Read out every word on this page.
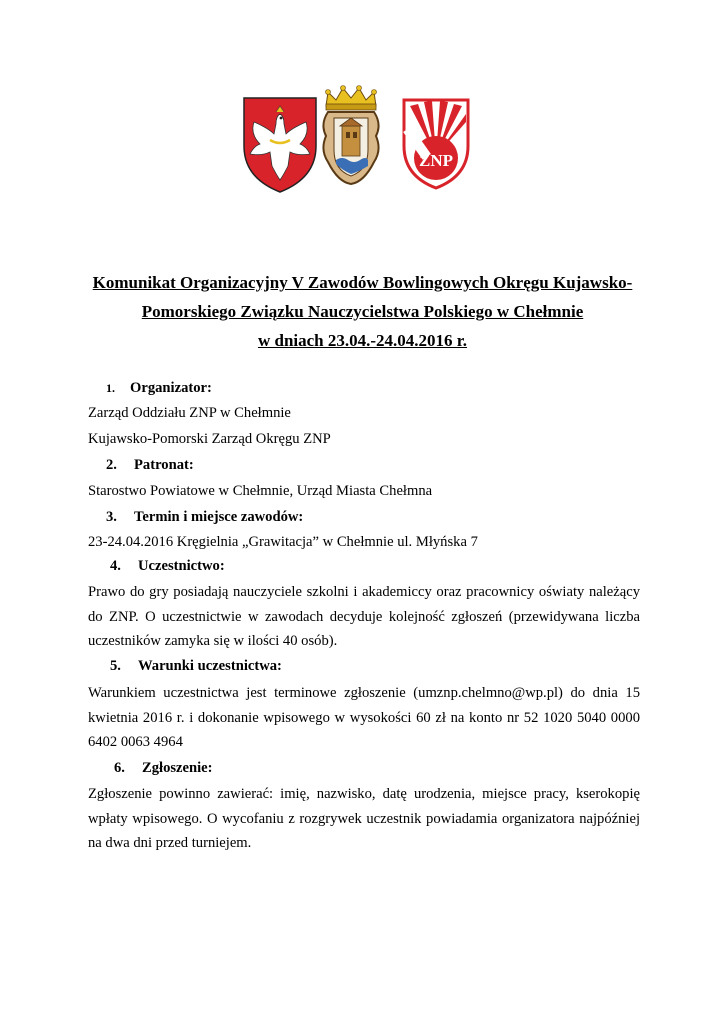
ZNP
Komunikat Organizacyjny V Zawodów Bowlingowych Okręgu Kujawsko-
Pomorskiego Związku Nauczycielstwa Polskiego w Chełmnie
w dniach 23.04.-24.04.2016 r.
1. Organizator:
Zarząd Oddziału ZNP w Chełmnie
Kujawsko-Pomorski Zarząd Okręgu ZNP
2. Patronat:
Starostwo Powiatowe w Chełmnie, Urząd Miasta Chełmna
3. Termin i miejsce zawodów:
23-24.04.2016 Kręgielnia „Grawitacja” w Chełmnie ul. Młyńska 7
4. Uczestnictwo:
Prawo do gry posiadają nauczyciele szkolni i akademiccy oraz pracownicy oświaty należący do ZNP. O uczestnictwie w zawodach decyduje kolejność zgłoszeń (przewidywana liczba uczestników zamyka się w ilości 40 osób).
5. Warunki uczestnictwa:
Warunkiem uczestnictwa jest terminowe zgłoszenie (umznp.chelmno@wp.pl) do dnia 15 kwietnia 2016 r. i dokonanie wpisowego w wysokości 60 zł na konto nr 52 1020 5040 0000 6402 0063 4964
6. Zgłoszenie:
Zgłoszenie powinno zawierać: imię, nazwisko, datę urodzenia, miejsce pracy, kserokopię wpłaty wpisowego. O wycofaniu z rozgrywek uczestnik powiadamia organizatora najpóźniej na dwa dni przed turniejem.
